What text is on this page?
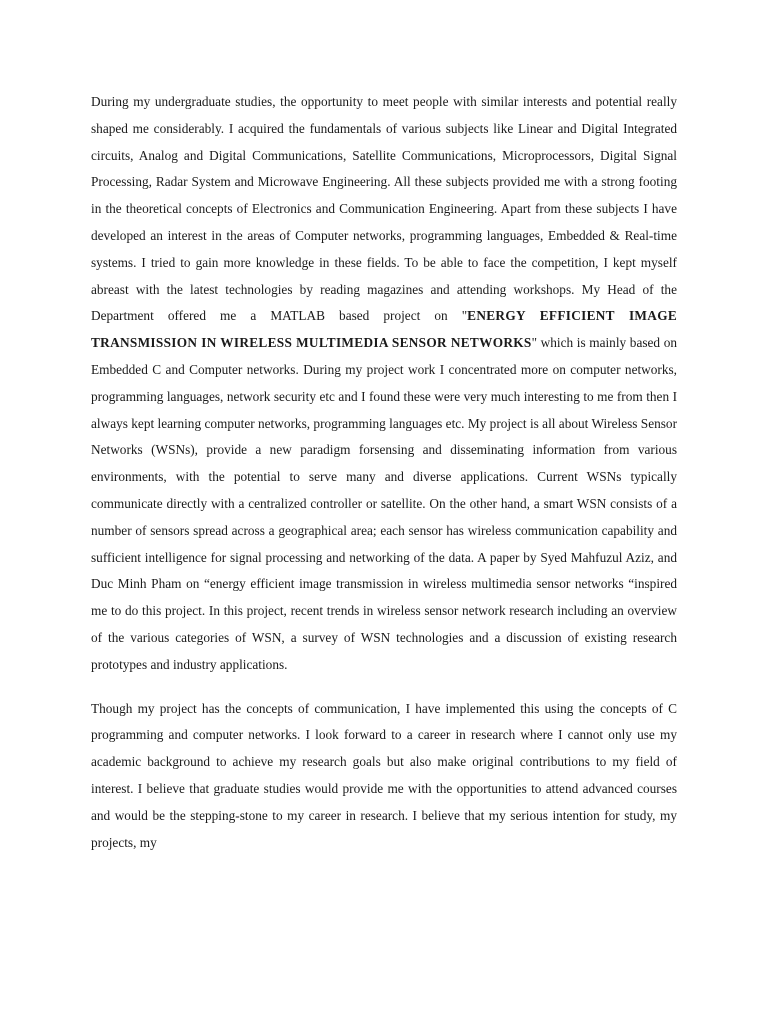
During my undergraduate studies, the opportunity to meet people with similar interests and potential really shaped me considerably. I acquired the fundamentals of various subjects like Linear and Digital Integrated circuits, Analog and Digital Communications, Satellite Communications, Microprocessors, Digital Signal Processing, Radar System and Microwave Engineering. All these subjects provided me with a strong footing in the theoretical concepts of Electronics and Communication Engineering. Apart from these subjects I have developed an interest in the areas of Computer networks, programming languages, Embedded & Real-time systems. I tried to gain more knowledge in these fields. To be able to face the competition, I kept myself abreast with the latest technologies by reading magazines and attending workshops. My Head of the Department offered me a MATLAB based project on "ENERGY EFFICIENT IMAGE TRANSMISSION IN WIRELESS MULTIMEDIA SENSOR NETWORKS" which is mainly based on Embedded C and Computer networks. During my project work I concentrated more on computer networks, programming languages, network security etc and I found these were very much interesting to me from then I always kept learning computer networks, programming languages etc. My project is all about Wireless Sensor Networks (WSNs), provide a new paradigm forsensing and disseminating information from various environments, with the potential to serve many and diverse applications. Current WSNs typically communicate directly with a centralized controller or satellite. On the other hand, a smart WSN consists of a number of sensors spread across a geographical area; each sensor has wireless communication capability and sufficient intelligence for signal processing and networking of the data. A paper by Syed Mahfuzul Aziz, and Duc Minh Pham on “energy efficient image transmission in wireless multimedia sensor networks “inspired me to do this project. In this project, recent trends in wireless sensor network research including an overview of the various categories of WSN, a survey of WSN technologies and a discussion of existing research prototypes and industry applications.

Though my project has the concepts of communication, I have implemented this using the concepts of C programming and computer networks. I look forward to a career in research where I cannot only use my academic background to achieve my research goals but also make original contributions to my field of interest. I believe that graduate studies would provide me with the opportunities to attend advanced courses and would be the stepping-stone to my career in research. I believe that my serious intention for study, my projects, my
